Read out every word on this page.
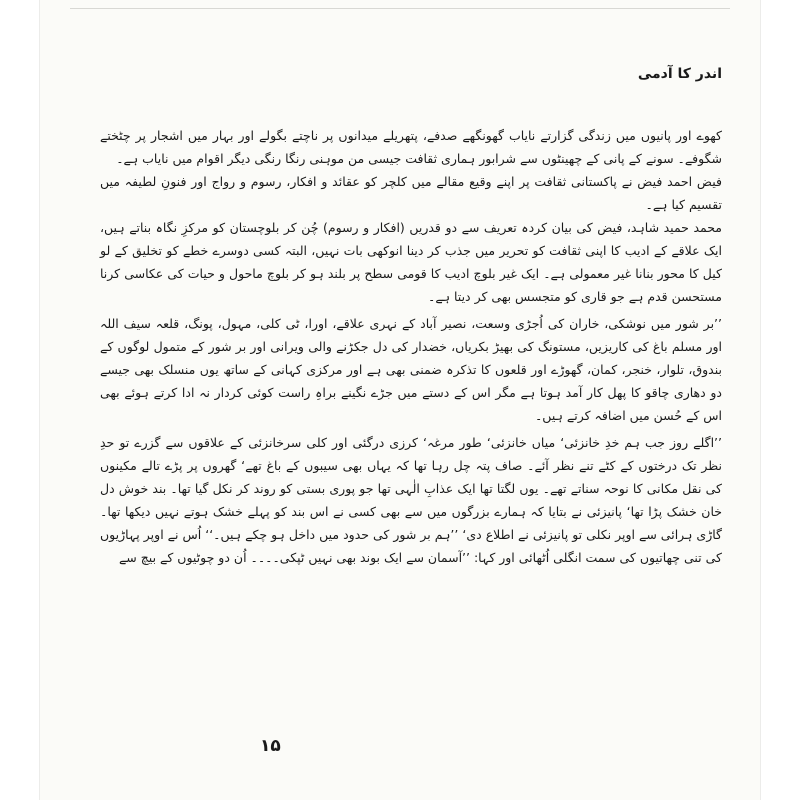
اندر کا آدمی

کھوے اور پانیوں میں زندگی گزارتے نایاب گھونگھے صدفے، پتھریلے میدانوں پر ناچتے بگولے اور بہار میں اشجار پر چٹختے شگوفے۔ سونے کے پانی کے چھینٹوں سے شرابور ہماری ثقافت جیسی من موہنی رنگا رنگی دیگر اقوام میں نایاب ہے۔

فیض احمد فیض نے پاکستانی ثقافت پر اپنے وقیع مقالے میں کلچر کو عقائد و افکار، رسوم و رواج اور فنونِ لطیفہ میں تقسیم کیا ہے۔

محمد حمید شاہد، فیض کی بیان کردہ تعریف سے دو قدریں (افکار و رسوم) چُن کر بلوچستان کو مرکزِ نگاہ بناتے ہیں، ایک علاقے کے ادیب کا اپنی ثقافت کو تحریر میں جذب کر دینا انوکھی بات نہیں، البتہ کسی دوسرے خطے کو تخلیق کے لو کیل کا محور بنانا غیر معمولی ہے۔ ایک غیر بلوچ ادیب کا قومی سطح پر بلند ہو کر بلوچ ماحول و حیات کی عکاسی کرنا مستحسن قدم ہے جو قاری کو متجسس بھی کر دیتا ہے۔

’’بر شور میں نوشکی، خاران کی اُجڑی وسعت، نصیر آباد کے نہری علاقے، اورا، ٹی کلی، مہول، پونگ، قلعہ سیف اللہ اور مسلم باغ کی کاریزیں، مستونگ کی بھیڑ بکریاں، خضدار کی دل جکڑنے والی ویرانی اور بر شور کے متمول لوگوں کے بندوق، تلوار، خنجر، کمان، گھوڑے اور قلعوں کا تذکرہ ضمنی بھی ہے اور مرکزی کہانی کے ساتھ یوں منسلک بھی جیسے دو دھاری چاقو کا پھل کار آمد ہوتا ہے مگر اس کے دستے میں جڑے نگینے براہِ راست کوئی کردار نہ ادا کرتے ہوئے بھی اس کے حُسن میں اضافہ کرتے ہیں۔

’’اگلے روز جب ہم خدِ خانزئی‘ میاں خانزئی‘ طور مرغہ‘ کرزی درگئی اور کلی سرخانزئی کے علاقوں سے گزرے تو حدِ نظر تک درختوں کے کٹے تنے نظر آئے۔ صاف پتہ چل رہا تھا کہ یہاں بھی سیبوں کے باغ تھے‘ گھروں پر پڑے تالے مکینوں کی نقل مکانی کا نوحہ سناتے تھے۔ یوں لگتا تھا ایک عذابِ الٰہی تھا جو پوری بستی کو روند کر نکل گیا تھا۔ بند خوش دل خان خشک پڑا تھا‘ پانیزئی نے بتایا کہ ہمارے بزرگوں میں سے بھی کسی نے اس بند کو پہلے خشک ہوتے نہیں دیکھا تھا۔ گاڑی ہرائی سے اوپر نکلی تو پانیزئی نے اطلاع دی‘ ’’ہم بر شور کی حدود میں داخل ہو چکے ہیں۔‘‘ اُس نے اوپر پہاڑیوں کی تنی چھاتیوں کی سمت انگلی اُٹھائی اور کہا: ’’آسمان سے ایک بوند بھی نہیں ٹپکی۔۔۔۔ اُن دو چوٹیوں کے بیچ سے

۱۵
